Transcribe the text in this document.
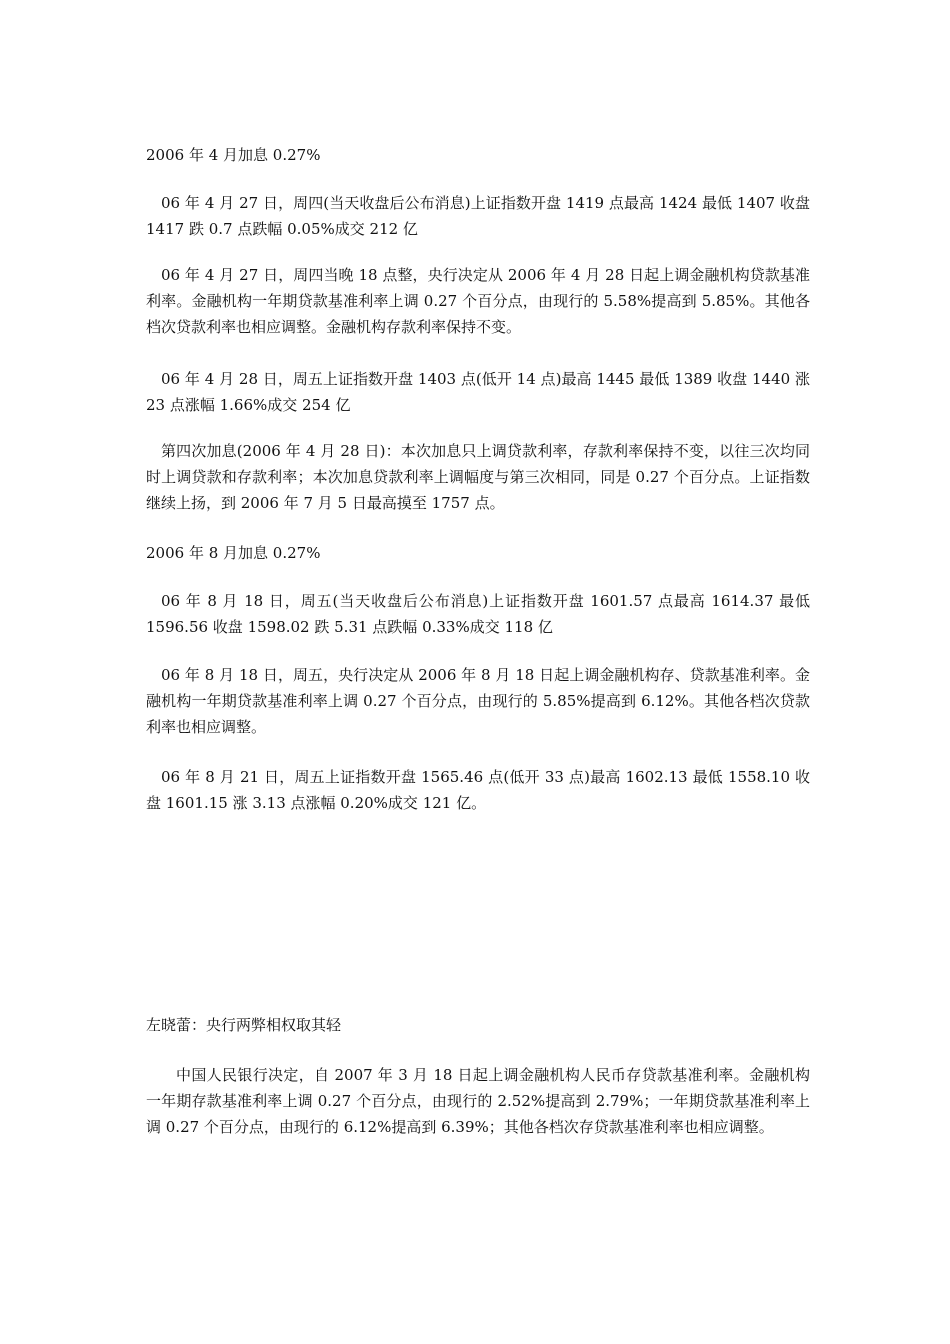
2006 年 4 月加息 0.27%

06 年 4 月 27 日，周四(当天收盘后公布消息)上证指数开盘 1419 点最高 1424 最低 1407 收盘 1417 跌 0.7 点跌幅 0.05%成交 212 亿

06 年 4 月 27 日，周四当晚 18 点整，央行决定从 2006 年 4 月 28 日起上调金融机构贷款基准利率。金融机构一年期贷款基准利率上调 0.27 个百分点，由现行的 5.58%提高到 5.85%。其他各档次贷款利率也相应调整。金融机构存款利率保持不变。

06 年 4 月 28 日，周五上证指数开盘 1403 点(低开 14 点)最高 1445 最低 1389 收盘 1440 涨 23 点涨幅 1.66%成交 254 亿

第四次加息(2006 年 4 月 28 日)：本次加息只上调贷款利率，存款利率保持不变，以往三次均同时上调贷款和存款利率；本次加息贷款利率上调幅度与第三次相同，同是 0.27 个百分点。上证指数继续上扬，到 2006 年 7 月 5 日最高摸至 1757 点。

2006 年 8 月加息 0.27%

06 年 8 月 18 日，周五(当天收盘后公布消息)上证指数开盘 1601.57 点最高 1614.37 最低 1596.56 收盘 1598.02 跌 5.31 点跌幅 0.33%成交 118 亿

06 年 8 月 18 日，周五，央行决定从 2006 年 8 月 18 日起上调金融机构存、贷款基准利率。金融机构一年期贷款基准利率上调 0.27 个百分点，由现行的 5.85%提高到 6.12%。其他各档次贷款利率也相应调整。

06 年 8 月 21 日，周五上证指数开盘 1565.46 点(低开 33 点)最高 1602.13 最低 1558.10 收盘 1601.15 涨 3.13 点涨幅 0.20%成交 121 亿。

左晓蕾：央行两弊相权取其轻

中国人民银行决定，自 2007 年 3 月 18 日起上调金融机构人民币存贷款基准利率。金融机构一年期存款基准利率上调 0.27 个百分点，由现行的 2.52%提高到 2.79%；一年期贷款基准利率上调 0.27 个百分点，由现行的 6.12%提高到 6.39%；其他各档次存贷款基准利率也相应调整。
